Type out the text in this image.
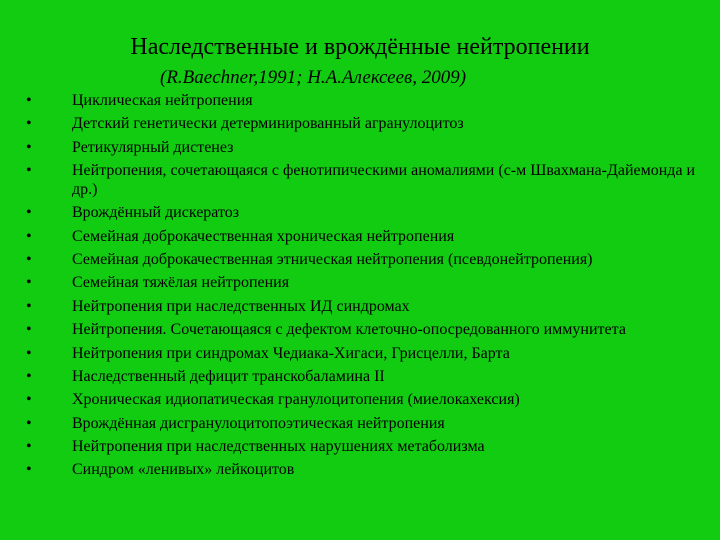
Наследственные и врождённые нейтропении
(R.Baechner,1991; Н.А.Алексеев, 2009)
•	Циклическая нейтропения
•	Детский генетически детерминированный агранулоцитоз
•	Ретикулярный дистенез
•	Нейтропения, сочетающаяся с фенотипическими аномалиями (с-м Швахмана-Дайемонда и др.)
•	Врождённый дискератоз
•	Семейная доброкачественная хроническая нейтропения
•	Семейная доброкачественная этническая нейтропения (псевдонейтропения)
•	Семейная тяжёлая нейтропения
•	Нейтропения при наследственных ИД синдромах
•	Нейтропения. Сочетающаяся с дефектом клеточно-опосредованного иммунитета
•	Нейтропения при синдромах Чедиака-Хигаси, Грисцелли, Барта
•	Наследственный дефицит транскобаламина II
•	Хроническая идиопатическая гранулоцитопения (миелокахексия)
•	Врождённая дисгранулоцитопоэтическая нейтропения
•	Нейтропения при наследственных нарушениях метаболизма
•	Синдром «ленивых» лейкоцитов
